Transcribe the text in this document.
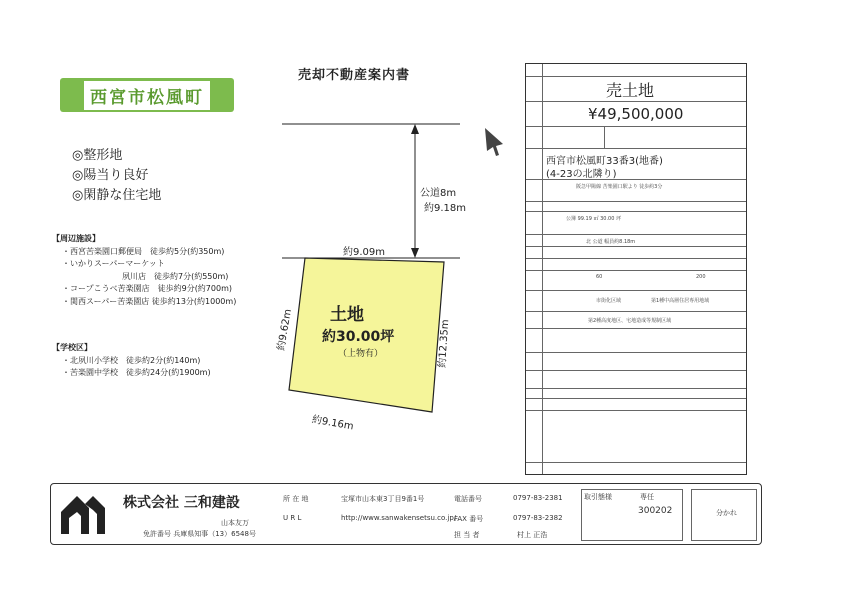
売却不動産案内書
西宮市松風町
◎整形地
◎陽当り良好
◎閑静な住宅地
【周辺施設】
・西宮苦楽園口郵便局　徒歩約5分(約350m)
・いかりスーパーマーケット
夙川店　徒歩約7分(約550m)
・コープこうべ苦楽園店　徒歩約9分(約700m)
・関西スーパー苦楽園店 徒歩約13分(約1000m)
【学校区】
・北夙川小学校　徒歩約2分(約140m)
・苦楽園中学校　徒歩約24分(約1900m)
公道8m
約9.18m
約9.09m
約9.62m	約12.35m
約9.16m
土地
約30.00坪
（上物有）
売土地
¥49,500,000
西宮市松風町33番3(地番)
(4-23の北隣り)
阪急甲陽線 苦楽園口駅より 徒歩約3分
公簿 99.19 ㎡ 30.00 坪
北 公道 幅員約8.18m
60	200
市街化区域	第1種中高層住居専用地域
第2種高度地区、宅地造成等規制区域
株式会社 三和建設
山本友万
免許番号 兵庫県知事（13）6548号
所 在 地	宝塚市山本東3丁目9番1号
U R L	http://www.sanwakensetsu.co.jp/
電話番号	0797-83-2381
FAX 番号	0797-83-2382
担 当 者	村上 正浩
取引態様	専任
300202	分かれ
